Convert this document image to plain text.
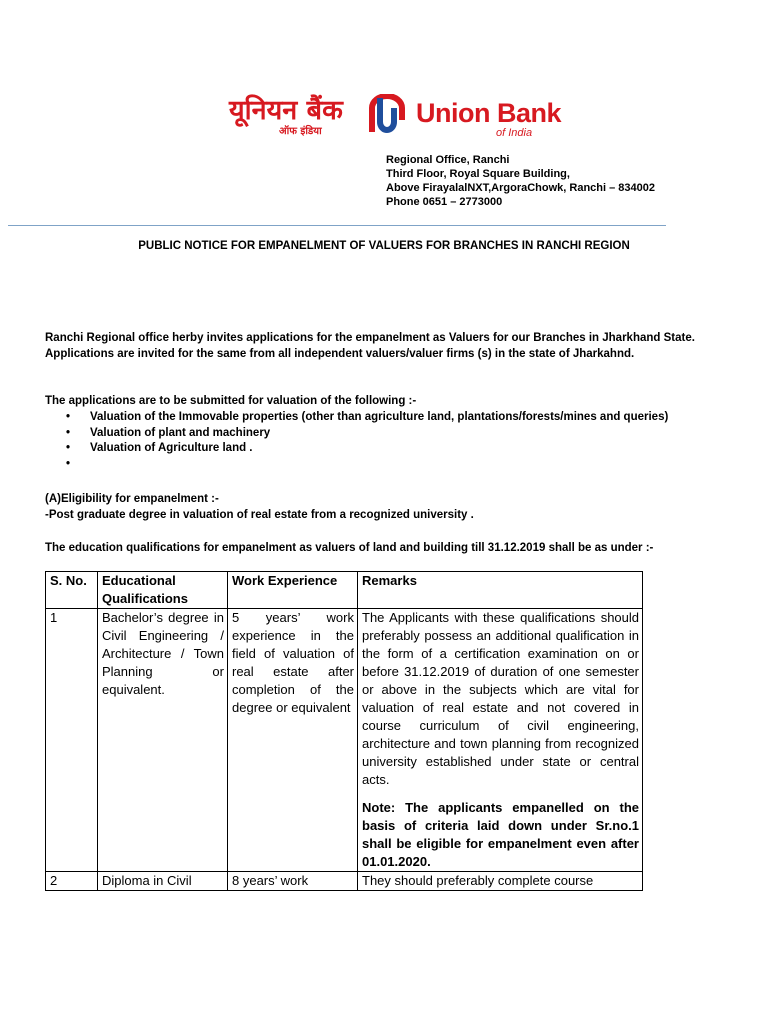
यूनियन बैंक
ऑफ इंडिया
Union Bank
of India
Regional Office, Ranchi
Third Floor, Royal Square Building,
Above FirayalalNXT,ArgoraChowk, Ranchi – 834002
Phone 0651 – 2773000
PUBLIC NOTICE FOR EMPANELMENT OF VALUERS FOR BRANCHES IN RANCHI REGION
Ranchi Regional office herby invites applications for the empanelment as Valuers for our Branches in Jharkhand State. Applications are invited for the same from all independent valuers/valuer firms (s) in the state of Jharkahnd.
The applications are to be submitted for valuation of the following :-
• Valuation of the Immovable properties (other than agriculture land, plantations/forests/mines and queries)
• Valuation of plant and machinery
• Valuation of Agriculture land .
•

(A)Eligibility for empanelment :-
-Post graduate degree in valuation of real estate from a recognized university .
The education qualifications for empanelment as valuers of land and building till 31.12.2019 shall be as under :-
S. No.	Educational Qualifications	Work Experience	Remarks
1	Bachelor’s degree in Civil Engineering / Architecture / Town Planning or equivalent.	5 years’ work experience in the field of valuation of real estate after completion of the degree or equivalent	The Applicants with these qualifications should preferably possess an additional qualification in the form of a certification examination on or before 31.12.2019 of duration of one semester or above in the subjects which are vital for valuation of real estate and not covered in course curriculum of civil engineering, architecture and town planning from recognized university established under state or central acts.
Note: The applicants empanelled on the basis of criteria laid down under Sr.no.1 shall be eligible for empanelment even after 01.01.2020.

2	Diploma in Civil	8 years’ work	They should preferably complete course
